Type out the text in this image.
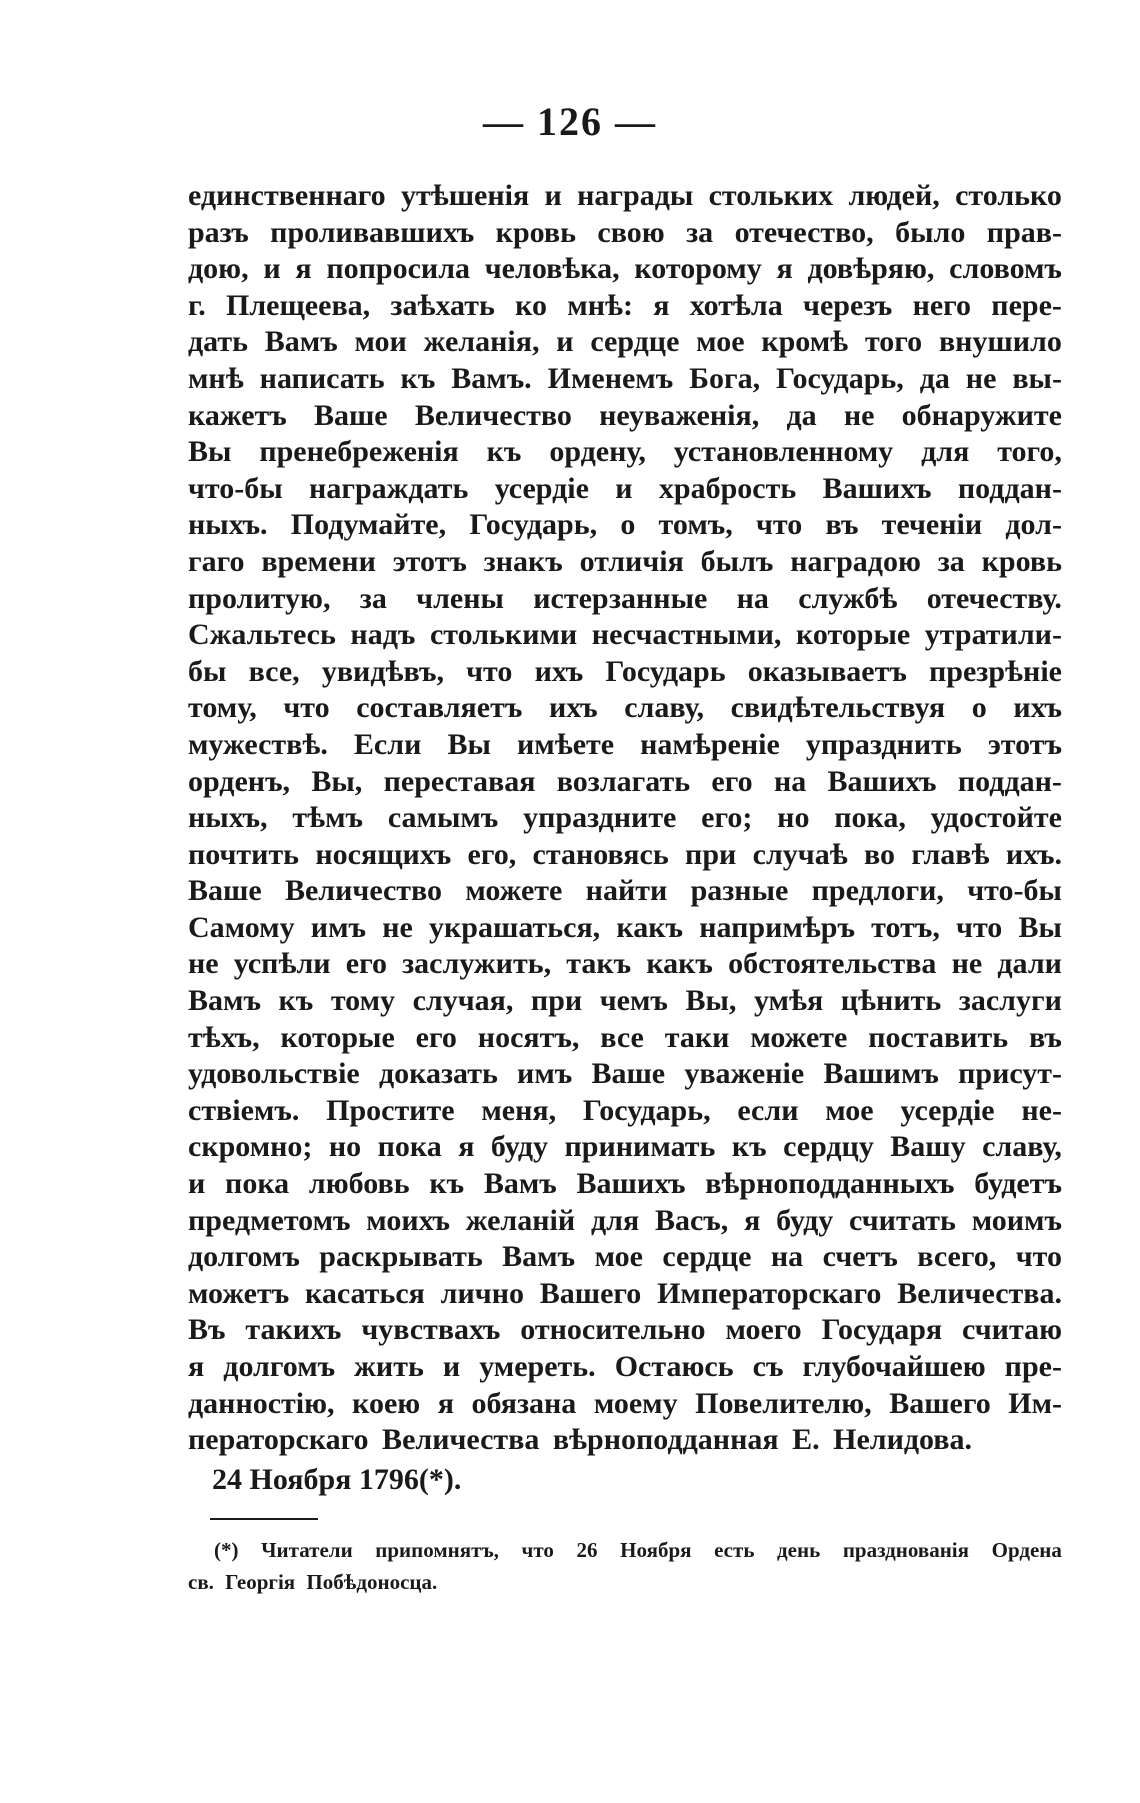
— 126 —
единственнаго утѣшенія и награды стольких людей, столько
разъ проливавшихъ кровь свою за отечество, было прав-
дою, и я попросила человѣка, которому я довѣряю, словомъ
г. Плещеева, заѣхать ко мнѣ: я хотѣла черезъ него пере-
дать Вамъ мои желанія, и сердце мое кромѣ того внушило
мнѣ написать къ Вамъ. Именемъ Бога, Государь, да не вы-
кажетъ Ваше Величество неуваженія, да не обнаружите
Вы пренебреженія къ ордену, установленному для того,
что-бы награждать усердіе и храбрость Вашихъ поддан-
ныхъ. Подумайте, Государь, о томъ, что въ теченіи дол-
гаго времени этотъ знакъ отличія былъ наградою за кровь
пролитую, за члены истерзанные на службѣ отечеству.
Сжальтесь надъ столькими несчастными, которые утратили-
бы все, увидѣвъ, что ихъ Государь оказываетъ презрѣніе
тому, что составляетъ ихъ славу, свидѣтельствуя о ихъ
мужествѣ. Если Вы имѣете намѣреніе упразднить этотъ
орденъ, Вы, переставая возлагать его на Вашихъ поддан-
ныхъ, тѣмъ самымъ упраздните его; но пока, удостойте
почтить носящихъ его, становясь при случаѣ во главѣ ихъ.
Ваше Величество можете найти разные предлоги, что-бы
Самому имъ не украшаться, какъ напримѣръ тотъ, что Вы
не успѣли его заслужить, такъ какъ обстоятельства не дали
Вамъ къ тому случая, при чемъ Вы, умѣя цѣнить заслуги
тѣхъ, которые его носятъ, все таки можете поставить въ
удовольствіе доказать имъ Ваше уваженіе Вашимъ присут-
ствіемъ. Простите меня, Государь, если мое усердіе не-
скромно; но пока я буду принимать къ сердцу Вашу славу,
и пока любовь къ Вамъ Вашихъ вѣрноподданныхъ будетъ
предметомъ моихъ желаній для Васъ, я буду считать моимъ
долгомъ раскрывать Вамъ мое сердце на счетъ всего, что
можетъ касаться лично Вашего Императорскаго Величества.
Въ такихъ чувствахъ относительно моего Государя считаю
я долгомъ жить и умереть. Остаюсь съ глубочайшею пре-
данностію, коею я обязана моему Повелителю, Вашего Им-
ператорскаго Величества вѣрноподданная Е. Нелидова.
24 Ноября 1796(*).
(*) Читатели припомнятъ, что 26 Ноября есть день празднованія Ордена
св. Георгія Побѣдоносца.
